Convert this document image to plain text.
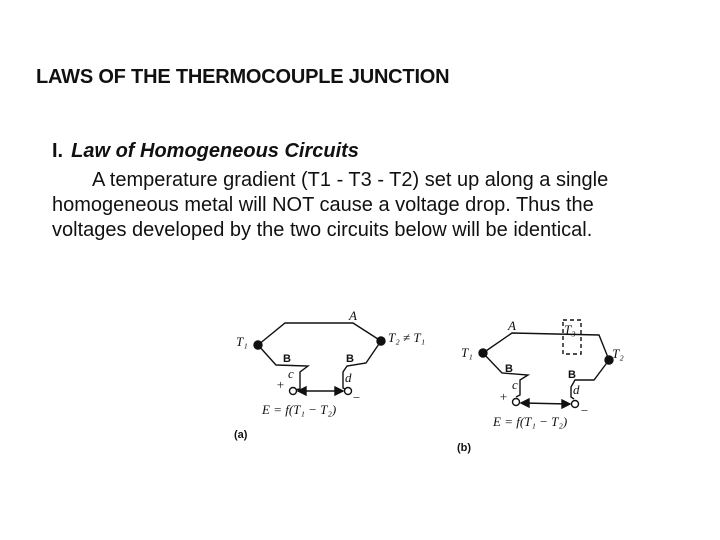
LAWS OF THE THERMOCOUPLE JUNCTION
I. Law of Homogeneous Circuits

A temperature gradient (T1 - T3 - T2) set up along a single

homogeneous metal will NOT cause a voltage drop. Thus the

voltages developed by the two circuits below will be identical.

A
T₁	T₂ ≠ T₁
B	B
c	d
+
−
E = f(T₁ − T₂)
(a)
A	T₃
T₁	T₂
B	B
c	d
+
−
E = f(T₁ − T₂)
(b)
